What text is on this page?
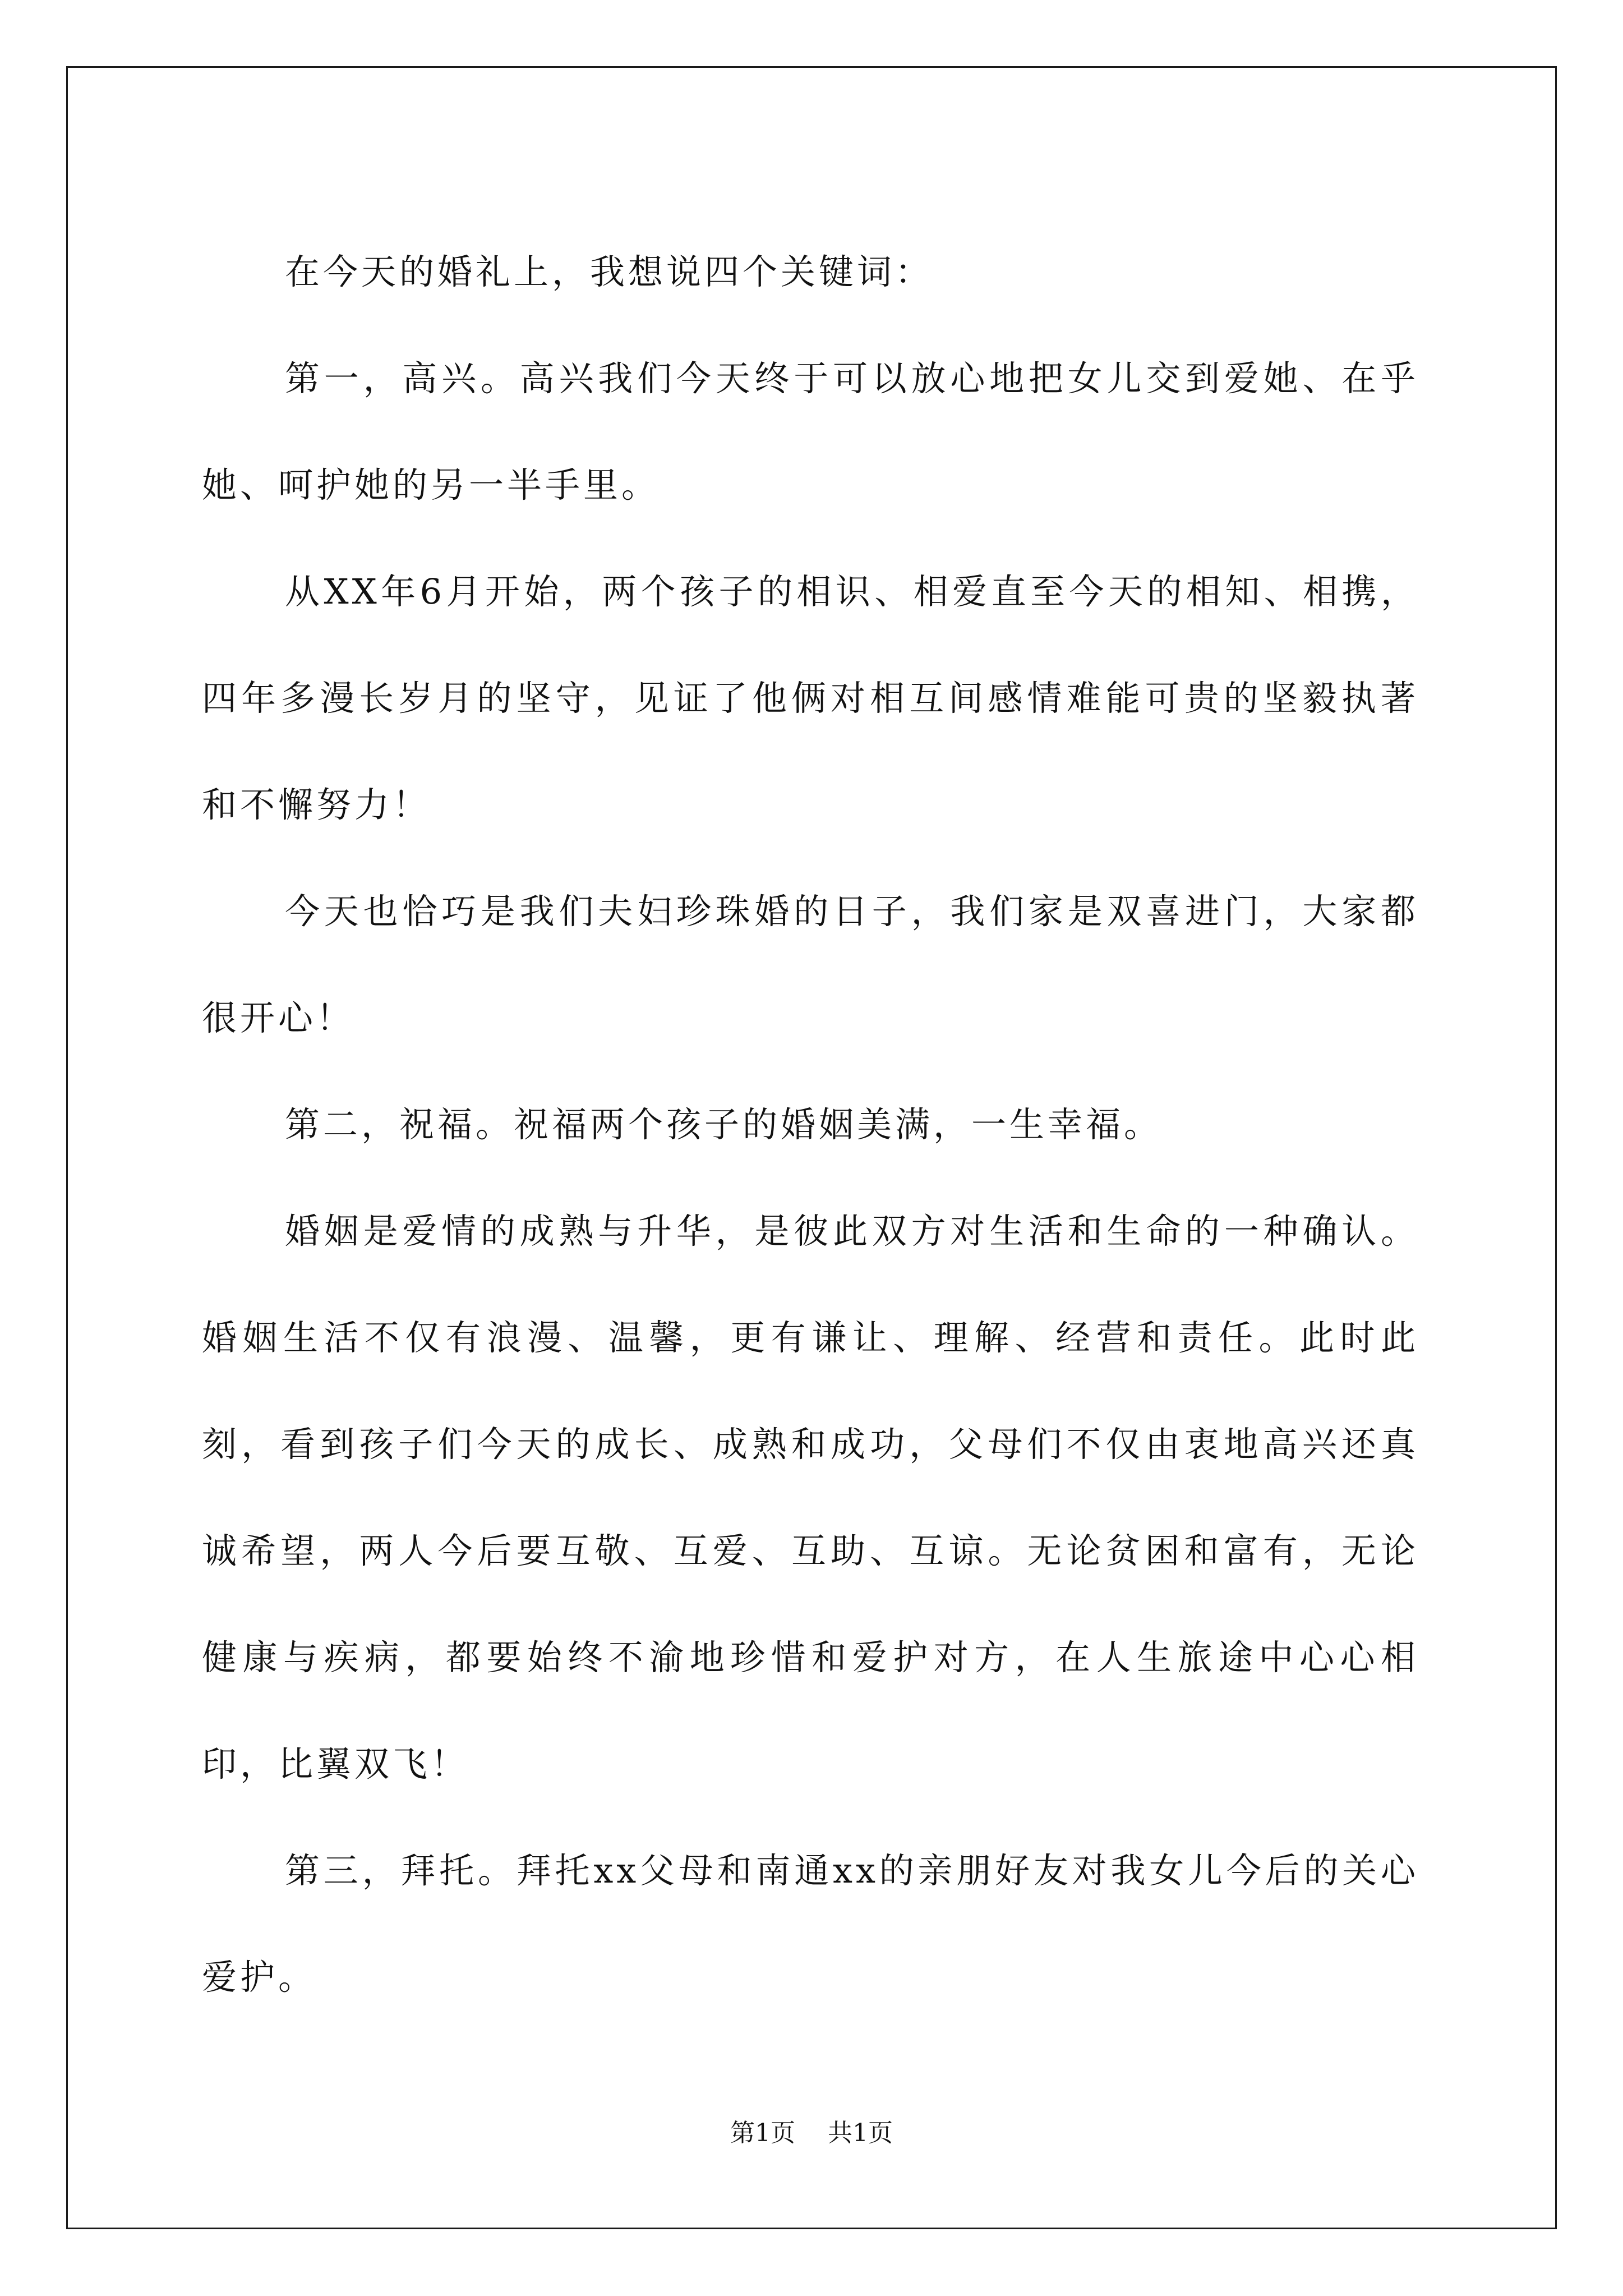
在今天的婚礼上，我想说四个关键词：

第一，高兴。高兴我们今天终于可以放心地把女儿交到爱她、在乎她、呵护她的另一半手里。

从XX年6月开始，两个孩子的相识、相爱直至今天的相知、相携，四年多漫长岁月的坚守，见证了他俩对相互间感情难能可贵的坚毅执著和不懈努力！

今天也恰巧是我们夫妇珍珠婚的日子，我们家是双喜进门，大家都很开心！

第二，祝福。祝福两个孩子的婚姻美满，一生幸福。

婚姻是爱情的成熟与升华，是彼此双方对生活和生命的一种确认。婚姻生活不仅有浪漫、温馨，更有谦让、理解、经营和责任。此时此刻，看到孩子们今天的成长、成熟和成功，父母们不仅由衷地高兴还真诚希望，两人今后要互敬、互爱、互助、互谅。无论贫困和富有，无论健康与疾病，都要始终不渝地珍惜和爱护对方，在人生旅途中心心相印，比翼双飞！

第三，拜托。拜托xx父母和南通xx的亲朋好友对我女儿今后的关心爱护。

第1页 共1页
